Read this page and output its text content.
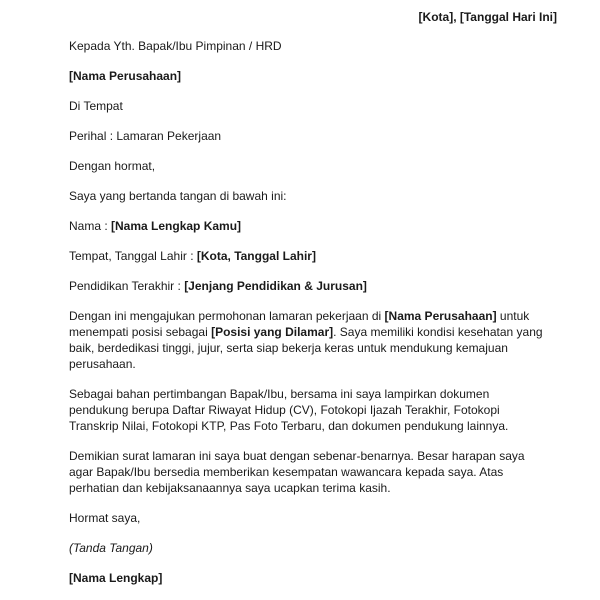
[Kota], [Tanggal Hari Ini]

Kepada Yth. Bapak/Ibu Pimpinan / HRD

[Nama Perusahaan]

Di Tempat

Perihal : Lamaran Pekerjaan

Dengan hormat,

Saya yang bertanda tangan di bawah ini:

Nama : [Nama Lengkap Kamu]

Tempat, Tanggal Lahir : [Kota, Tanggal Lahir]

Pendidikan Terakhir : [Jenjang Pendidikan & Jurusan]

Dengan ini mengajukan permohonan lamaran pekerjaan di [Nama Perusahaan] untuk menempati posisi sebagai [Posisi yang Dilamar]. Saya memiliki kondisi kesehatan yang baik, berdedikasi tinggi, jujur, serta siap bekerja keras untuk mendukung kemajuan perusahaan.

Sebagai bahan pertimbangan Bapak/Ibu, bersama ini saya lampirkan dokumen pendukung berupa Daftar Riwayat Hidup (CV), Fotokopi Ijazah Terakhir, Fotokopi Transkrip Nilai, Fotokopi KTP, Pas Foto Terbaru, dan dokumen pendukung lainnya.

Demikian surat lamaran ini saya buat dengan sebenar-benarnya. Besar harapan saya agar Bapak/Ibu bersedia memberikan kesempatan wawancara kepada saya. Atas perhatian dan kebijaksanaannya saya ucapkan terima kasih.

Hormat saya,

(Tanda Tangan)

[Nama Lengkap]
